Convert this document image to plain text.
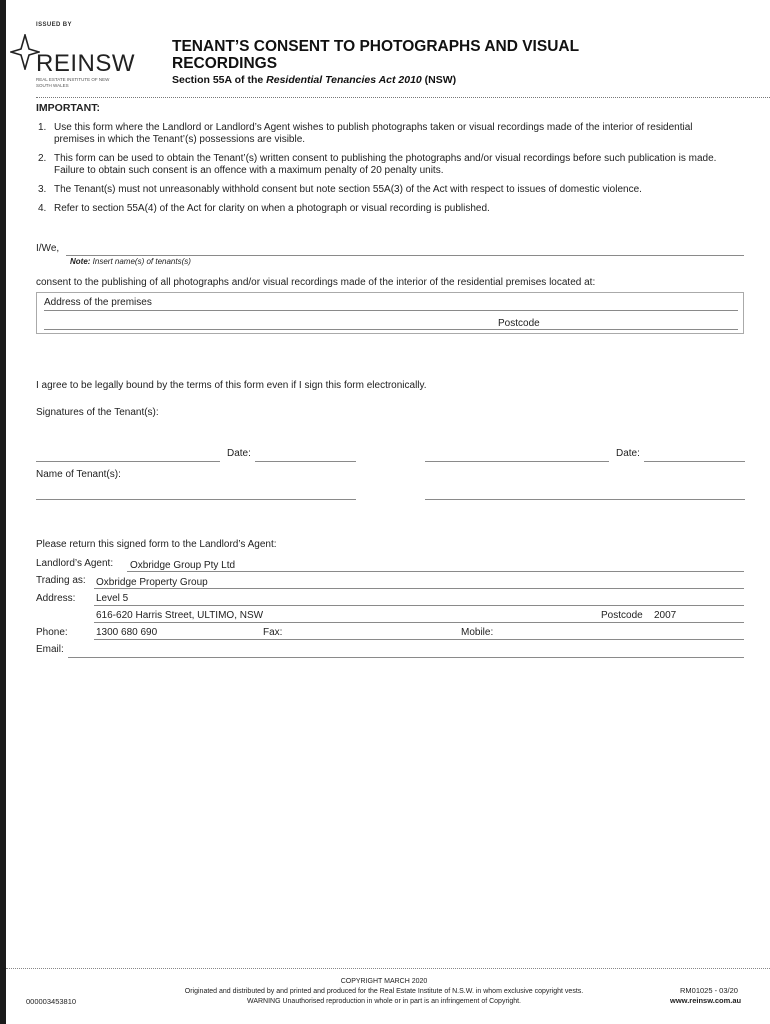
ISSUED BY
REINSW
REAL ESTATE INSTITUTE OF NEW SOUTH WALES
TENANT’S CONSENT TO PHOTOGRAPHS AND VISUAL RECORDINGS
Section 55A of the Residential Tenancies Act 2010 (NSW)
IMPORTANT:
1. Use this form where the Landlord or Landlord’s Agent wishes to publish photographs taken or visual recordings made of the interior of residential premises in which the Tenant’(s) possessions are visible.
2. This form can be used to obtain the Tenant’(s) written consent to publishing the photographs and/or visual recordings before such publication is made. Failure to obtain such consent is an offence with a maximum penalty of 20 penalty units.
3. The Tenant(s) must not unreasonably withhold consent but note section 55A(3) of the Act with respect to issues of domestic violence.
4. Refer to section 55A(4) of the Act for clarity on when a photograph or visual recording is published.
I/We,
Note: Insert name(s) of tenants(s)
consent to the publishing of all photographs and/or visual recordings made of the interior of the residential premises located at:
Address of the premises
Postcode
I agree to be legally bound by the terms of this form even if I sign this form electronically.
Signatures of the Tenant(s):
Date:	Date:
Name of Tenant(s):
Please return this signed form to the Landlord’s Agent:
Landlord’s Agent: Oxbridge Group Pty Ltd
Trading as: Oxbridge Property Group
Address: Level 5
616-620 Harris Street, ULTIMO, NSW	Postcode 2007
Phone:	1300 680 690	Fax:	Mobile:
Email:
COPYRIGHT MARCH 2020
Originated and distributed by and printed and produced for the Real Estate Institute of N.S.W. in whom exclusive copyright vests.
WARNING Unauthorised reproduction in whole or in part is an infringement of Copyright.
000003453810
RM01025 - 03/20
www.reinsw.com.au
